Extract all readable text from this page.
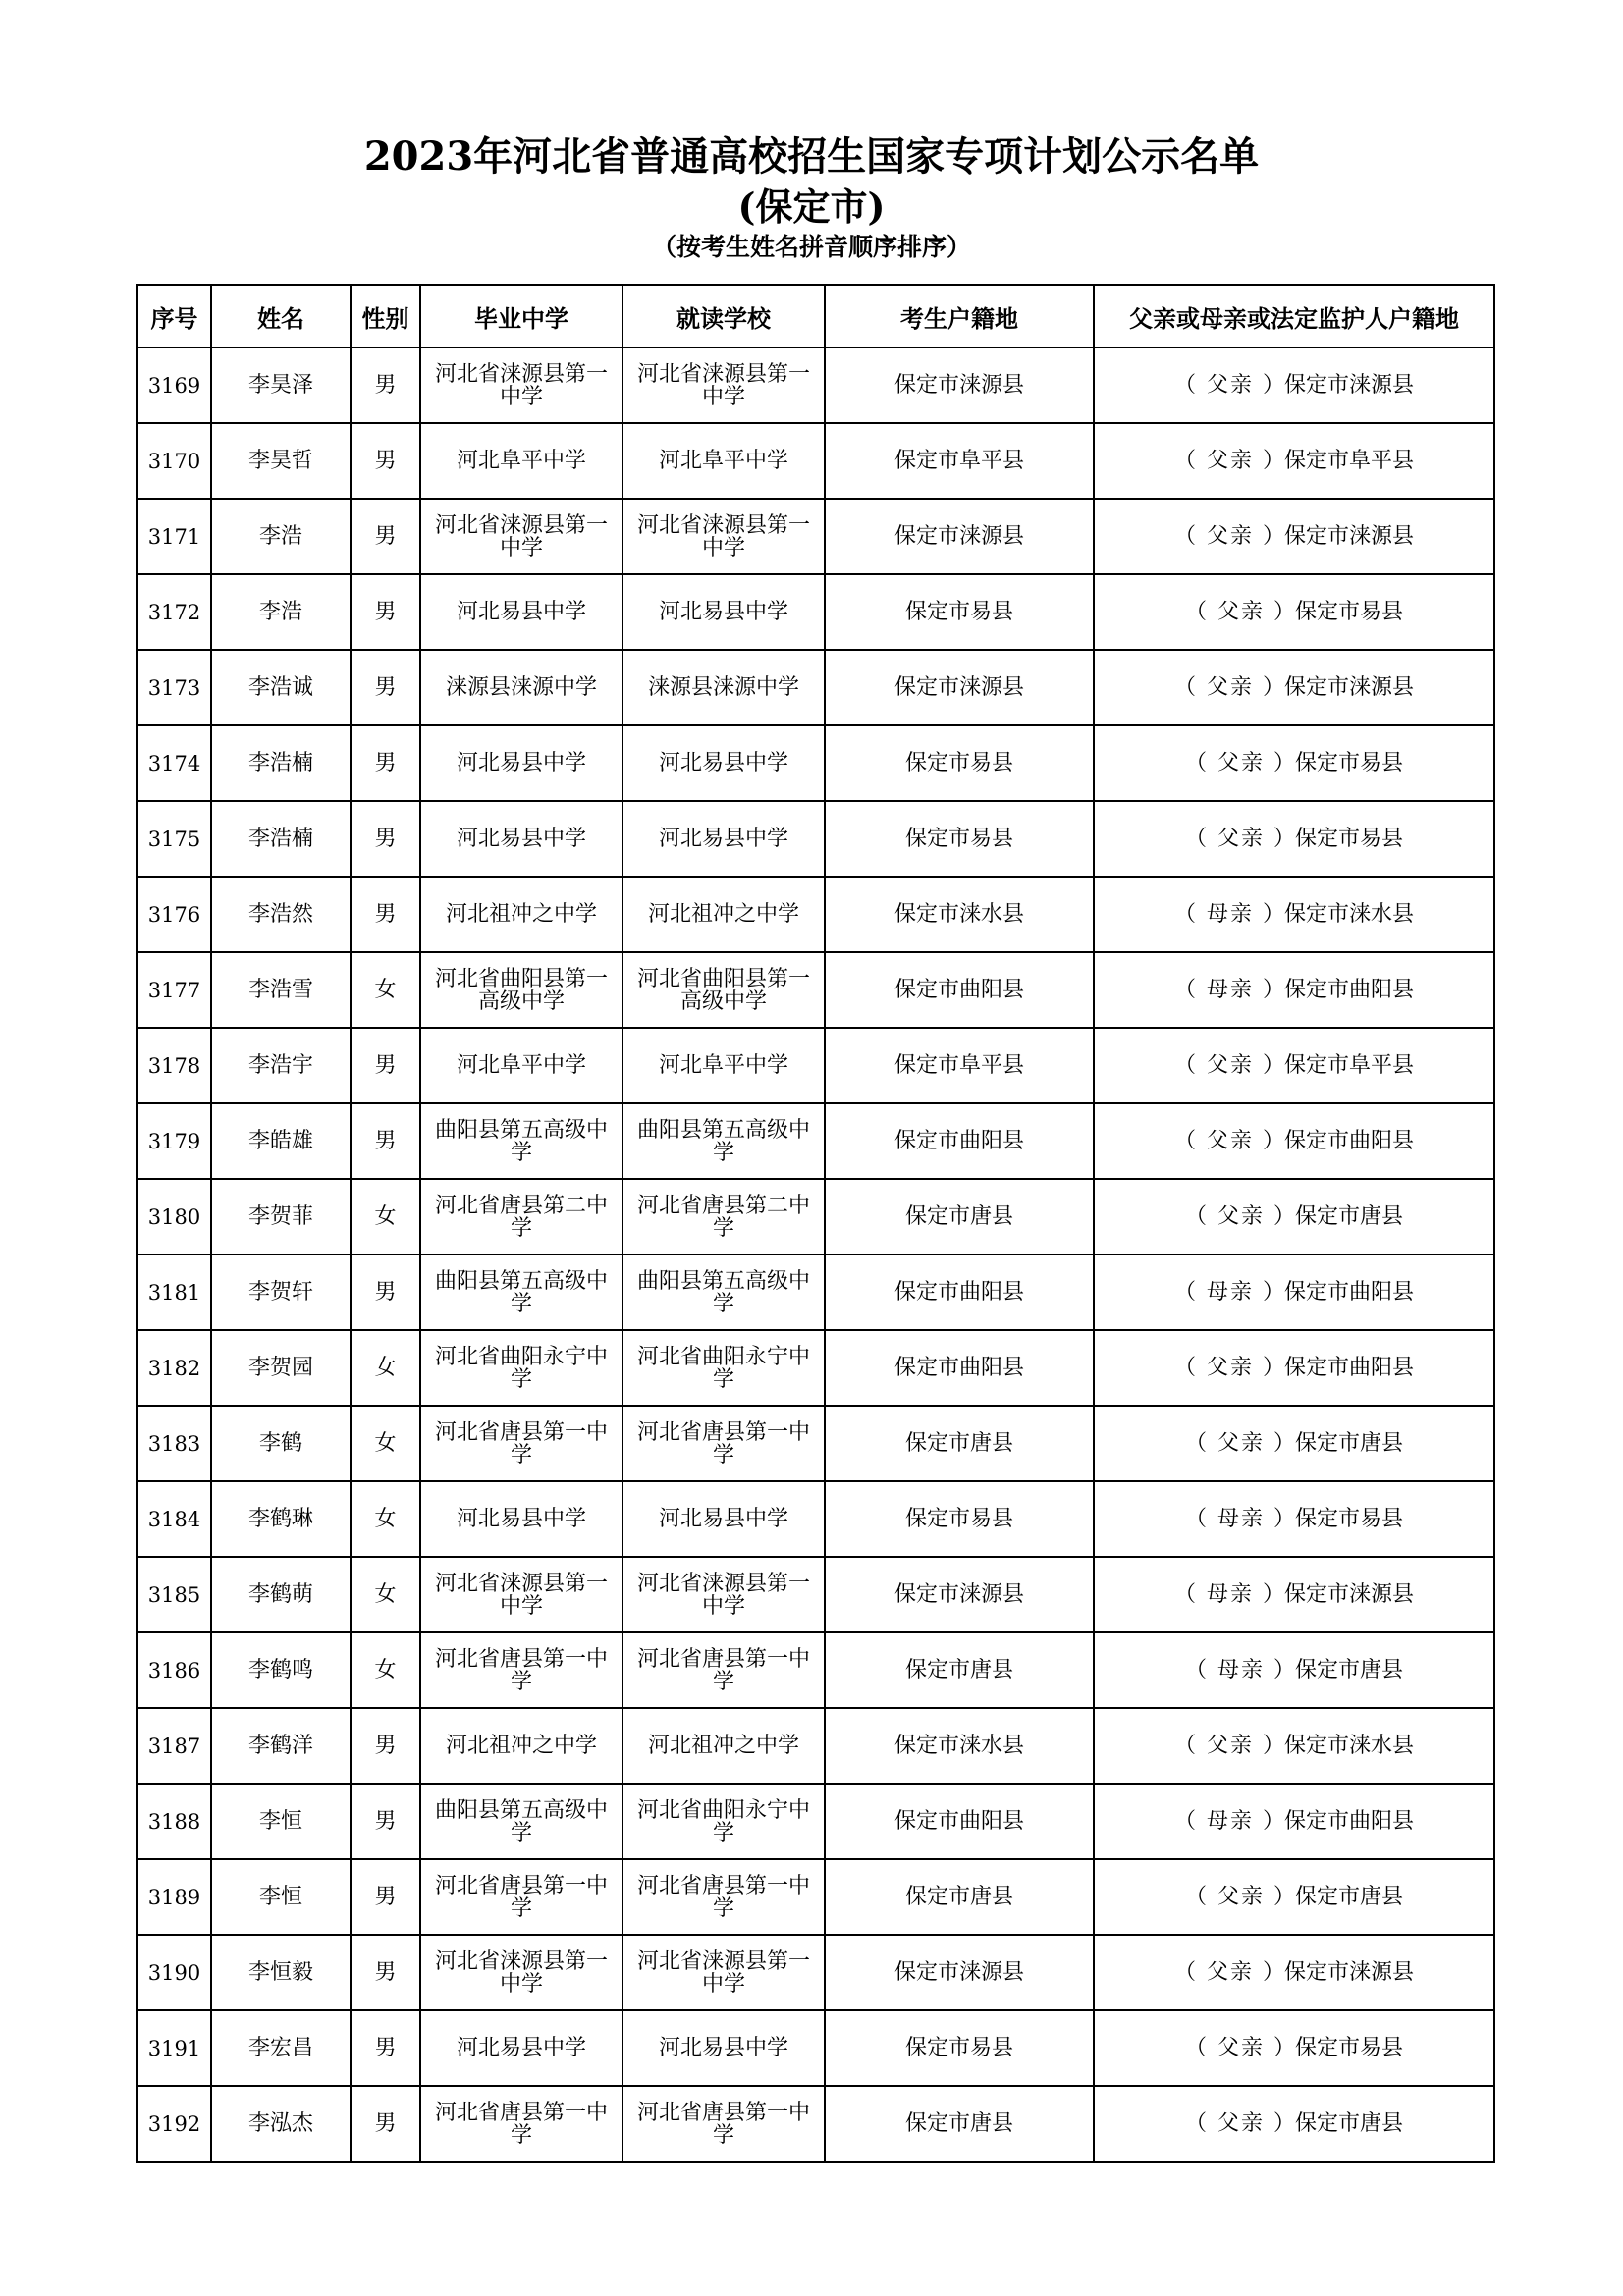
2023年河北省普通高校招生国家专项计划公示名单
(保定市)
（按考生姓名拼音顺序排序）
序号	姓名	性别	毕业中学	就读学校	考生户籍地	父亲或母亲或法定监护人户籍地
3169	李昊泽	男	河北省涞源县第一中学	河北省涞源县第一中学	保定市涞源县	（ 父亲 ）保定市涞源县
3170	李昊哲	男	河北阜平中学	河北阜平中学	保定市阜平县	（ 父亲 ）保定市阜平县
3171	李浩	男	河北省涞源县第一中学	河北省涞源县第一中学	保定市涞源县	（ 父亲 ）保定市涞源县
3172	李浩	男	河北易县中学	河北易县中学	保定市易县	（ 父亲 ）保定市易县
3173	李浩诚	男	涞源县涞源中学	涞源县涞源中学	保定市涞源县	（ 父亲 ）保定市涞源县
3174	李浩楠	男	河北易县中学	河北易县中学	保定市易县	（ 父亲 ）保定市易县
3175	李浩楠	男	河北易县中学	河北易县中学	保定市易县	（ 父亲 ）保定市易县
3176	李浩然	男	河北祖冲之中学	河北祖冲之中学	保定市涞水县	（ 母亲 ）保定市涞水县
3177	李浩雪	女	河北省曲阳县第一高级中学	河北省曲阳县第一高级中学	保定市曲阳县	（ 母亲 ）保定市曲阳县
3178	李浩宇	男	河北阜平中学	河北阜平中学	保定市阜平县	（ 父亲 ）保定市阜平县
3179	李皓雄	男	曲阳县第五高级中学	曲阳县第五高级中学	保定市曲阳县	（ 父亲 ）保定市曲阳县
3180	李贺菲	女	河北省唐县第二中学	河北省唐县第二中学	保定市唐县	（ 父亲 ）保定市唐县
3181	李贺轩	男	曲阳县第五高级中学	曲阳县第五高级中学	保定市曲阳县	（ 母亲 ）保定市曲阳县
3182	李贺园	女	河北省曲阳永宁中学	河北省曲阳永宁中学	保定市曲阳县	（ 父亲 ）保定市曲阳县
3183	李鹤	女	河北省唐县第一中学	河北省唐县第一中学	保定市唐县	（ 父亲 ）保定市唐县
3184	李鹤琳	女	河北易县中学	河北易县中学	保定市易县	（ 母亲 ）保定市易县
3185	李鹤萌	女	河北省涞源县第一中学	河北省涞源县第一中学	保定市涞源县	（ 母亲 ）保定市涞源县
3186	李鹤鸣	女	河北省唐县第一中学	河北省唐县第一中学	保定市唐县	（ 母亲 ）保定市唐县
3187	李鹤洋	男	河北祖冲之中学	河北祖冲之中学	保定市涞水县	（ 父亲 ）保定市涞水县
3188	李恒	男	曲阳县第五高级中学	河北省曲阳永宁中学	保定市曲阳县	（ 母亲 ）保定市曲阳县
3189	李恒	男	河北省唐县第一中学	河北省唐县第一中学	保定市唐县	（ 父亲 ）保定市唐县
3190	李恒毅	男	河北省涞源县第一中学	河北省涞源县第一中学	保定市涞源县	（ 父亲 ）保定市涞源县
3191	李宏昌	男	河北易县中学	河北易县中学	保定市易县	（ 父亲 ）保定市易县
3192	李泓杰	男	河北省唐县第一中学	河北省唐县第一中学	保定市唐县	（ 父亲 ）保定市唐县
